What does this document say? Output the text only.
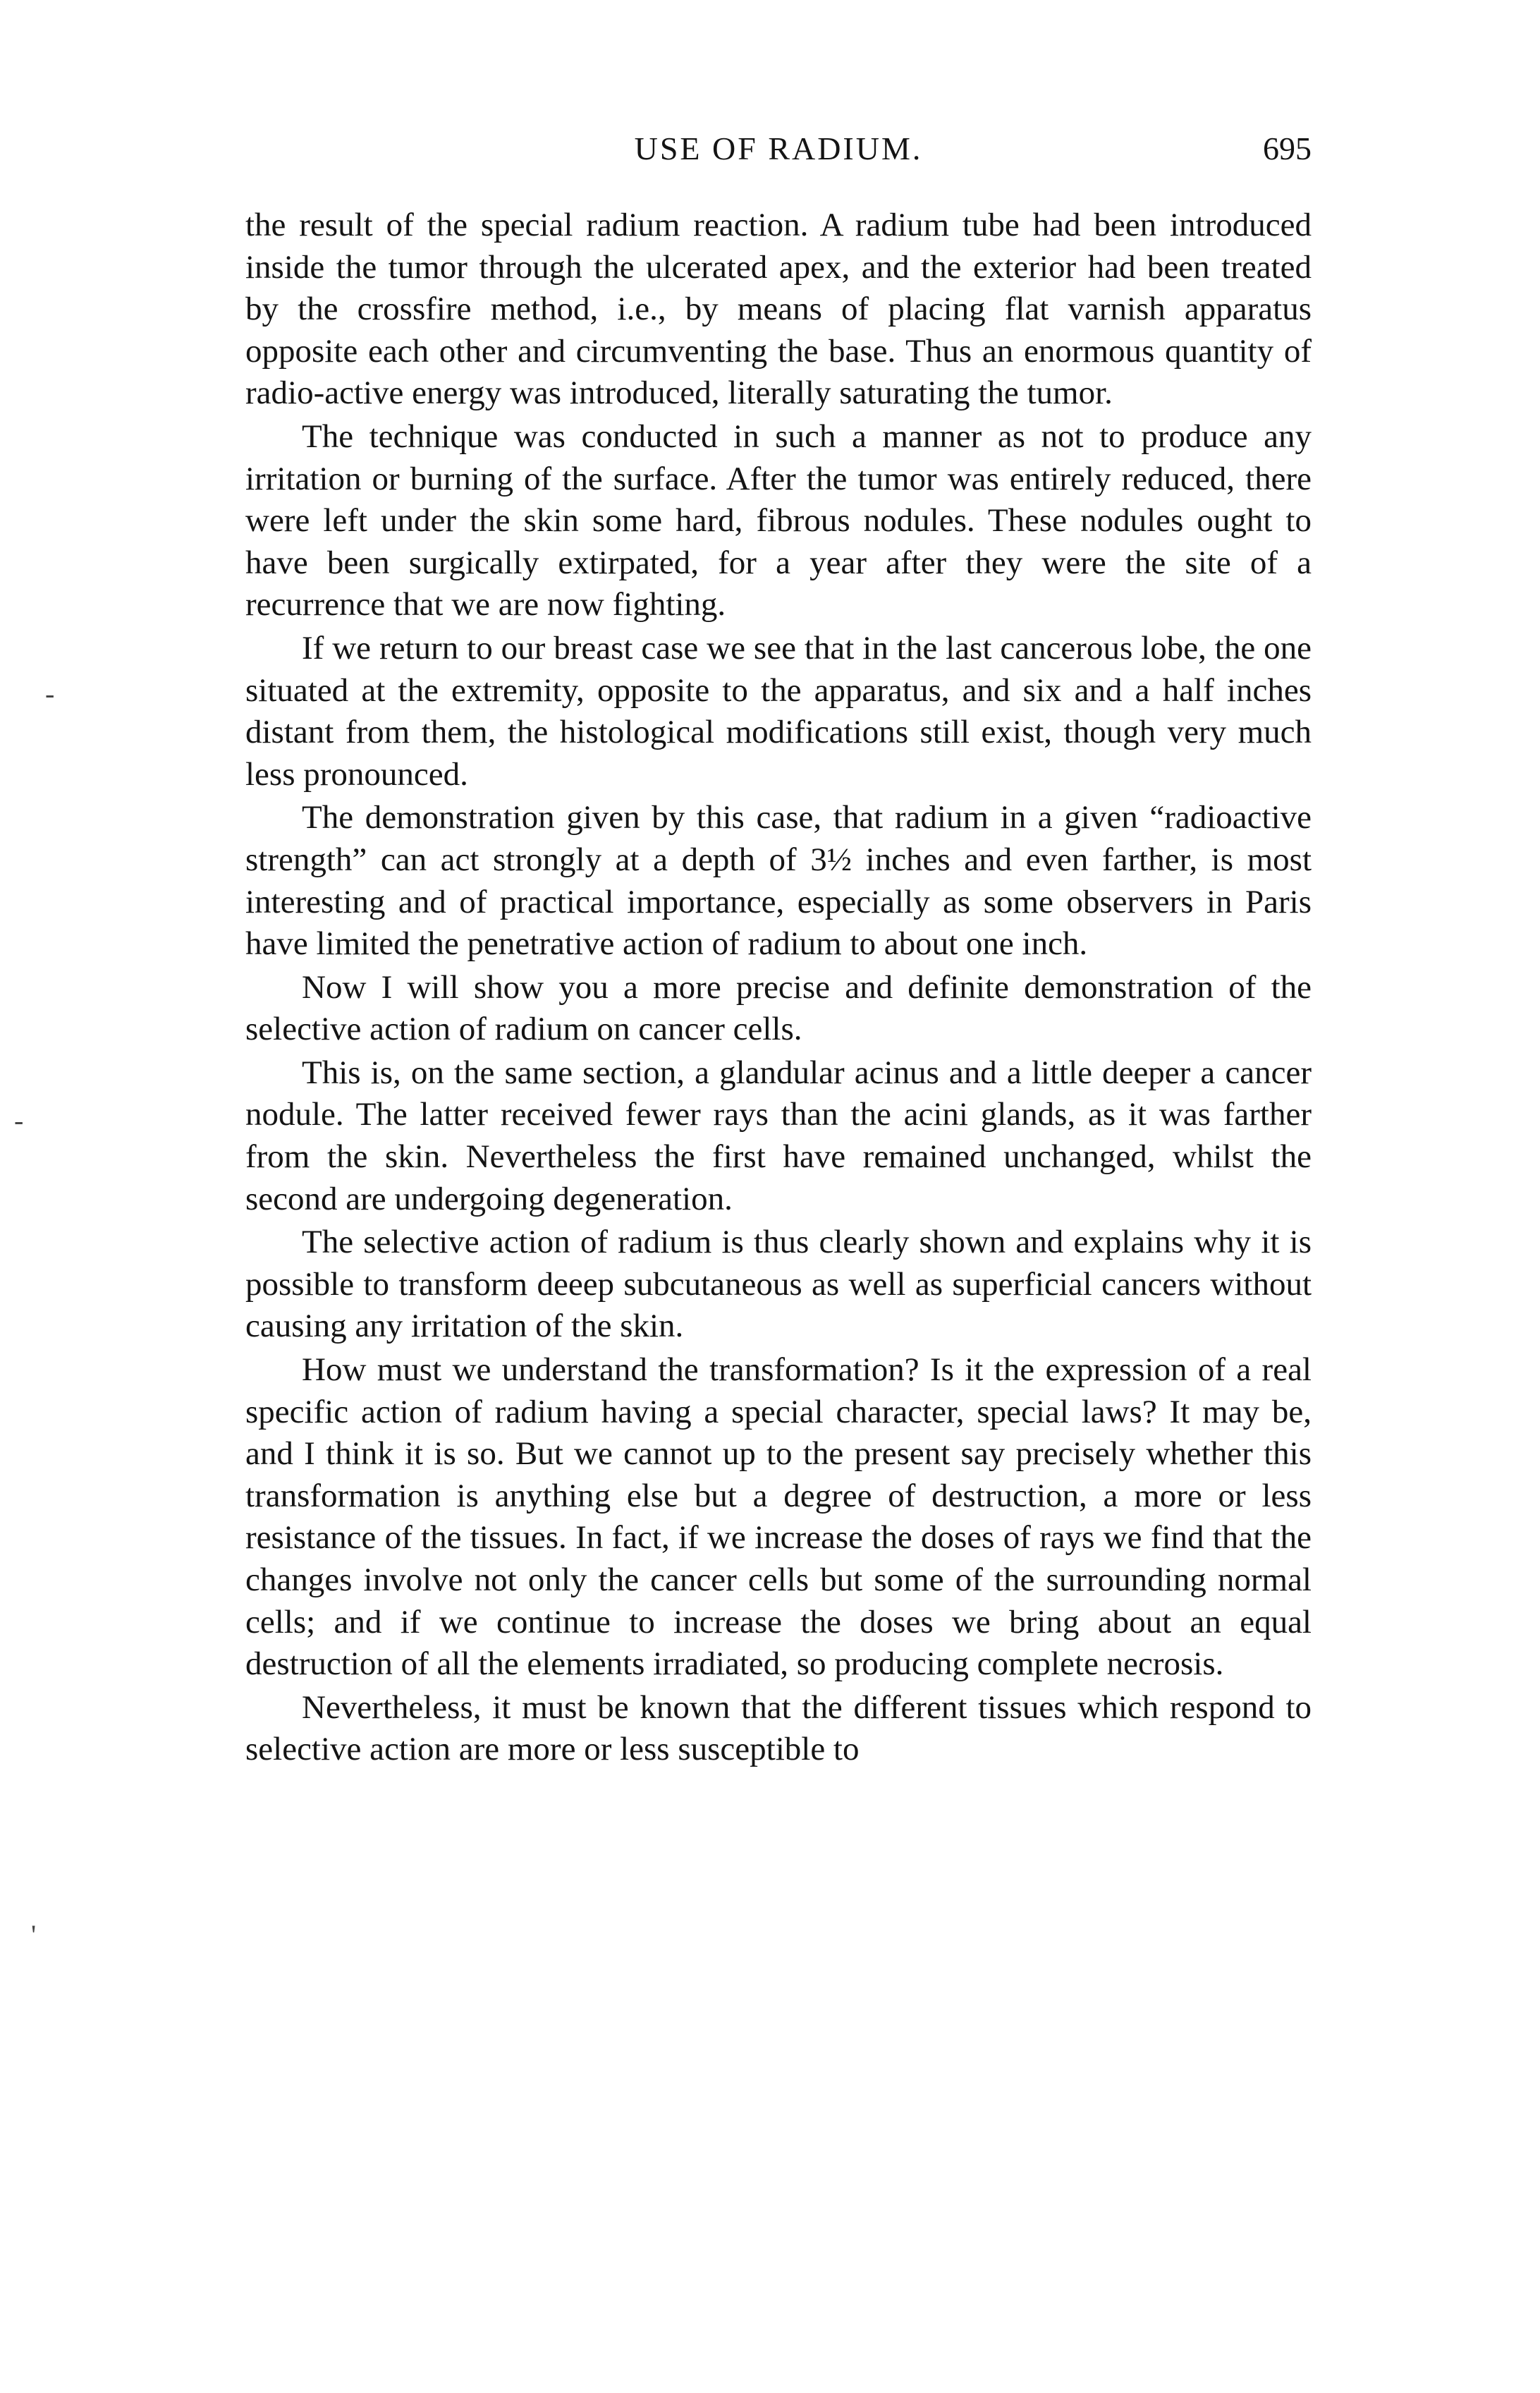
USE OF RADIUM.	695

the result of the special radium reaction. A radium tube had been introduced inside the tumor through the ulcerated apex, and the exterior had been treated by the crossfire method, i.e., by means of placing flat varnish apparatus opposite each other and circumventing the base. Thus an enormous quantity of radio-active energy was introduced, literally saturating the tumor.

The technique was conducted in such a manner as not to produce any irritation or burning of the surface. After the tumor was entirely reduced, there were left under the skin some hard, fibrous nodules. These nodules ought to have been surgically extirpated, for a year after they were the site of a recurrence that we are now fighting.

If we return to our breast case we see that in the last cancerous lobe, the one situated at the extremity, opposite to the apparatus, and six and a half inches distant from them, the histological modifications still exist, though very much less pronounced.

The demonstration given by this case, that radium in a given “radioactive strength” can act strongly at a depth of 3½ inches and even farther, is most interesting and of practical importance, especially as some observers in Paris have limited the penetrative action of radium to about one inch.

Now I will show you a more precise and definite demonstration of the selective action of radium on cancer cells.

This is, on the same section, a glandular acinus and a little deeper a cancer nodule. The latter received fewer rays than the acini glands, as it was farther from the skin. Nevertheless the first have remained unchanged, whilst the second are undergoing degeneration.

The selective action of radium is thus clearly shown and explains why it is possible to transform deeep subcutaneous as well as superficial cancers without causing any irritation of the skin.

How must we understand the transformation? Is it the expression of a real specific action of radium having a special character, special laws? It may be, and I think it is so. But we cannot up to the present say precisely whether this transformation is anything else but a degree of destruction, a more or less resistance of the tissues. In fact, if we increase the doses of rays we find that the changes involve not only the cancer cells but some of the surrounding normal cells; and if we continue to increase the doses we bring about an equal destruction of all the elements irradiated, so producing complete necrosis.

Nevertheless, it must be known that the different tissues which respond to selective action are more or less susceptible to

-
-
'
